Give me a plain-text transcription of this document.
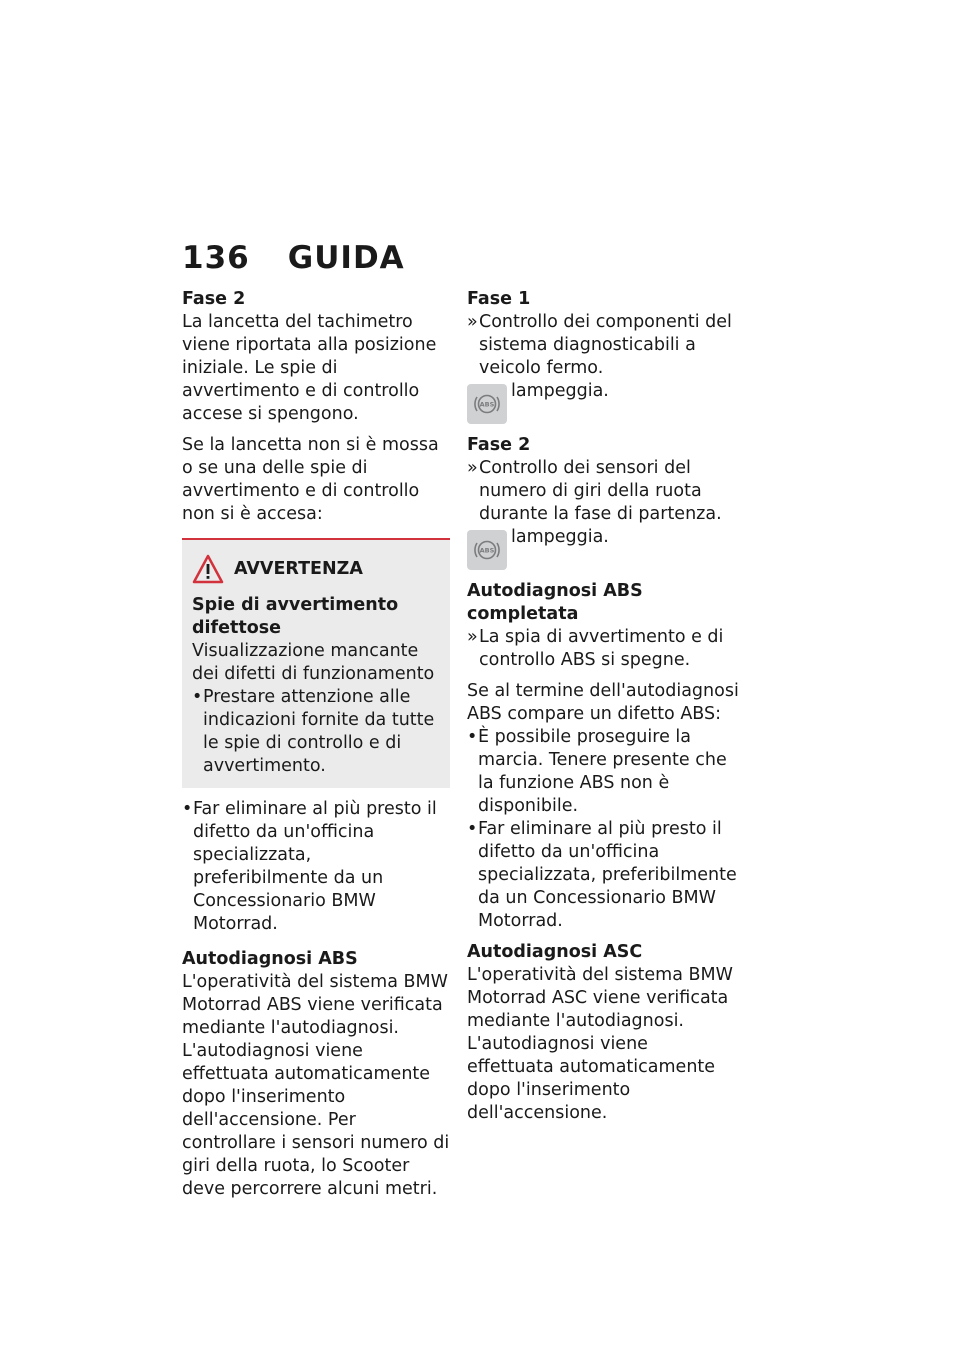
136 GUIDA

Fase 2

La lancetta del tachimetro viene riportata alla posizione iniziale. Le spie di avvertimento e di controllo accese si spengono.

Se la lancetta non si è mossa o se una delle spie di avvertimento e di controllo non si è accesa:

AVVERTENZA

Spie di avvertimento difettose

Visualizzazione mancante dei difetti di funzionamento

• Prestare attenzione alle indicazioni fornite da tutte le spie di controllo e di avvertimento.

• Far eliminare al più presto il difetto da un'officina specializzata, preferibilmente da un Concessionario BMW Motorrad.

Autodiagnosi ABS

L'operatività del sistema BMW Motorrad ABS viene verificata mediante l'autodiagnosi. L'autodiagnosi viene effettuata automaticamente dopo l'inserimento dell'accensione. Per controllare i sensori numero di giri della ruota, lo Scooter deve percorrere alcuni metri.

Fase 1

»Controllo dei componenti del sistema diagnosticabili a veicolo fermo.

ABS
lampeggia.

Fase 2

»Controllo dei sensori del numero di giri della ruota durante la fase di partenza.

ABS
lampeggia.

Autodiagnosi ABS completata

»La spia di avvertimento e di controllo ABS si spegne.

Se al termine dell'autodiagnosi ABS compare un difetto ABS:

• È possibile proseguire la marcia. Tenere presente che la funzione ABS non è disponibile.

• Far eliminare al più presto il difetto da un'officina specializzata, preferibilmente da un Concessionario BMW Motorrad.

Autodiagnosi ASC

L'operatività del sistema BMW Motorrad ASC viene verificata mediante l'autodiagnosi. L'autodiagnosi viene effettuata automaticamente dopo l'inserimento dell'accensione.
